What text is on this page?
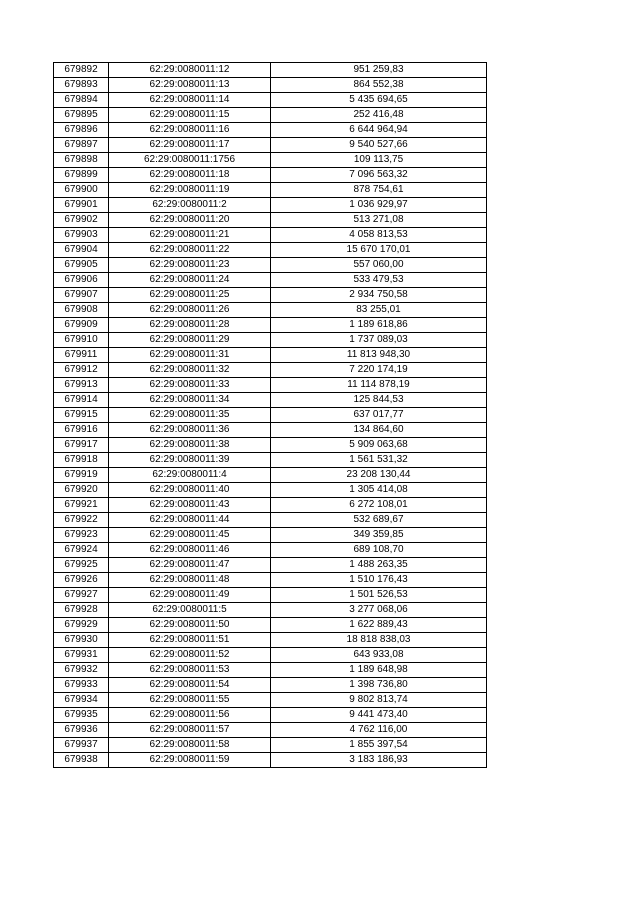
679892	62:29:0080011:12	951 259,83
679893	62:29:0080011:13	864 552,38
679894	62:29:0080011:14	5 435 694,65
679895	62:29:0080011:15	252 416,48
679896	62:29:0080011:16	6 644 964,94
679897	62:29:0080011:17	9 540 527,66
679898	62:29:0080011:1756	109 113,75
679899	62:29:0080011:18	7 096 563,32
679900	62:29:0080011:19	878 754,61
679901	62:29:0080011:2	1 036 929,97
679902	62:29:0080011:20	513 271,08
679903	62:29:0080011:21	4 058 813,53
679904	62:29:0080011:22	15 670 170,01
679905	62:29:0080011:23	557 060,00
679906	62:29:0080011:24	533 479,53
679907	62:29:0080011:25	2 934 750,58
679908	62:29:0080011:26	83 255,01
679909	62:29:0080011:28	1 189 618,86
679910	62:29:0080011:29	1 737 089,03
679911	62:29:0080011:31	11 813 948,30
679912	62:29:0080011:32	7 220 174,19
679913	62:29:0080011:33	11 114 878,19
679914	62:29:0080011:34	125 844,53
679915	62:29:0080011:35	637 017,77
679916	62:29:0080011:36	134 864,60
679917	62:29:0080011:38	5 909 063,68
679918	62:29:0080011:39	1 561 531,32
679919	62:29:0080011:4	23 208 130,44
679920	62:29:0080011:40	1 305 414,08
679921	62:29:0080011:43	6 272 108,01
679922	62:29:0080011:44	532 689,67
679923	62:29:0080011:45	349 359,85
679924	62:29:0080011:46	689 108,70
679925	62:29:0080011:47	1 488 263,35
679926	62:29:0080011:48	1 510 176,43
679927	62:29:0080011:49	1 501 526,53
679928	62:29:0080011:5	3 277 068,06
679929	62:29:0080011:50	1 622 889,43
679930	62:29:0080011:51	18 818 838,03
679931	62:29:0080011:52	643 933,08
679932	62:29:0080011:53	1 189 648,98
679933	62:29:0080011:54	1 398 736,80
679934	62:29:0080011:55	9 802 813,74
679935	62:29:0080011:56	9 441 473,40
679936	62:29:0080011:57	4 762 116,00
679937	62:29:0080011:58	1 855 397,54
679938	62:29:0080011:59	3 183 186,93
